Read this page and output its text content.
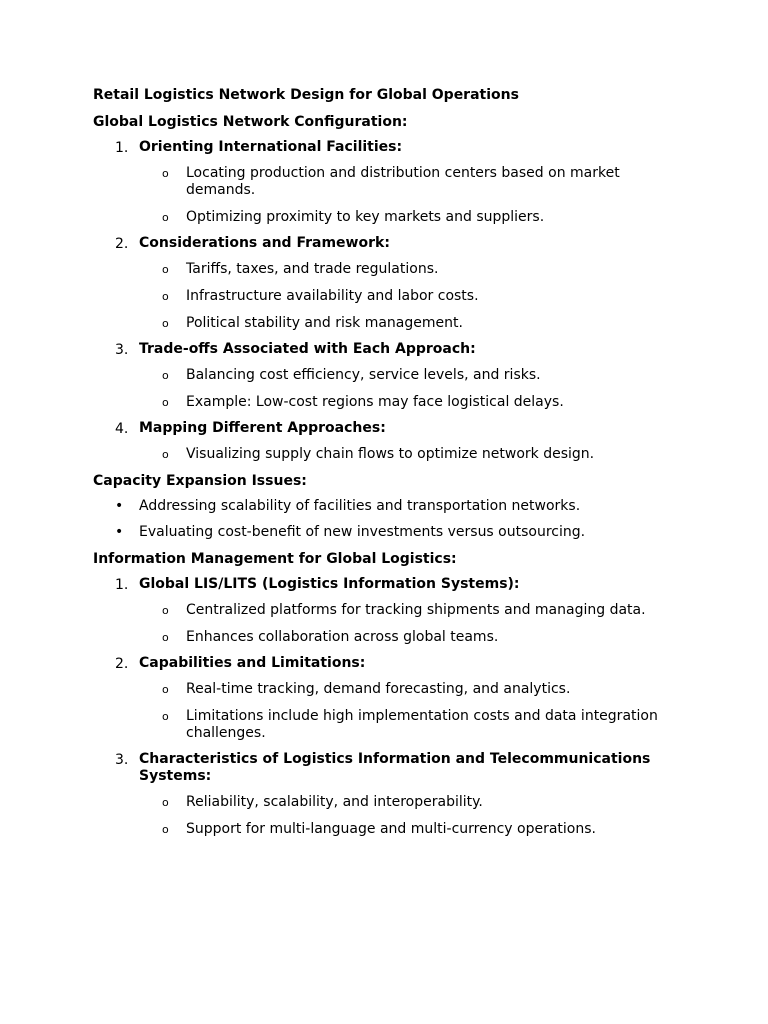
Retail Logistics Network Design for Global Operations
Global Logistics Network Configuration:
1. Orienting International Facilities:
o Locating production and distribution centers based on market demands.
o Optimizing proximity to key markets and suppliers.
2. Considerations and Framework:
o Tariffs, taxes, and trade regulations.
o Infrastructure availability and labor costs.
o Political stability and risk management.
3. Trade-offs Associated with Each Approach:
o Balancing cost efficiency, service levels, and risks.
o Example: Low-cost regions may face logistical delays.
4. Mapping Different Approaches:
o Visualizing supply chain flows to optimize network design.
Capacity Expansion Issues:
• Addressing scalability of facilities and transportation networks.
• Evaluating cost-benefit of new investments versus outsourcing.
Information Management for Global Logistics:
1. Global LIS/LITS (Logistics Information Systems):
o Centralized platforms for tracking shipments and managing data.
o Enhances collaboration across global teams.
2. Capabilities and Limitations:
o Real-time tracking, demand forecasting, and analytics.
o Limitations include high implementation costs and data integration challenges.
3. Characteristics of Logistics Information and Telecommunications Systems:
o Reliability, scalability, and interoperability.
o Support for multi-language and multi-currency operations.
